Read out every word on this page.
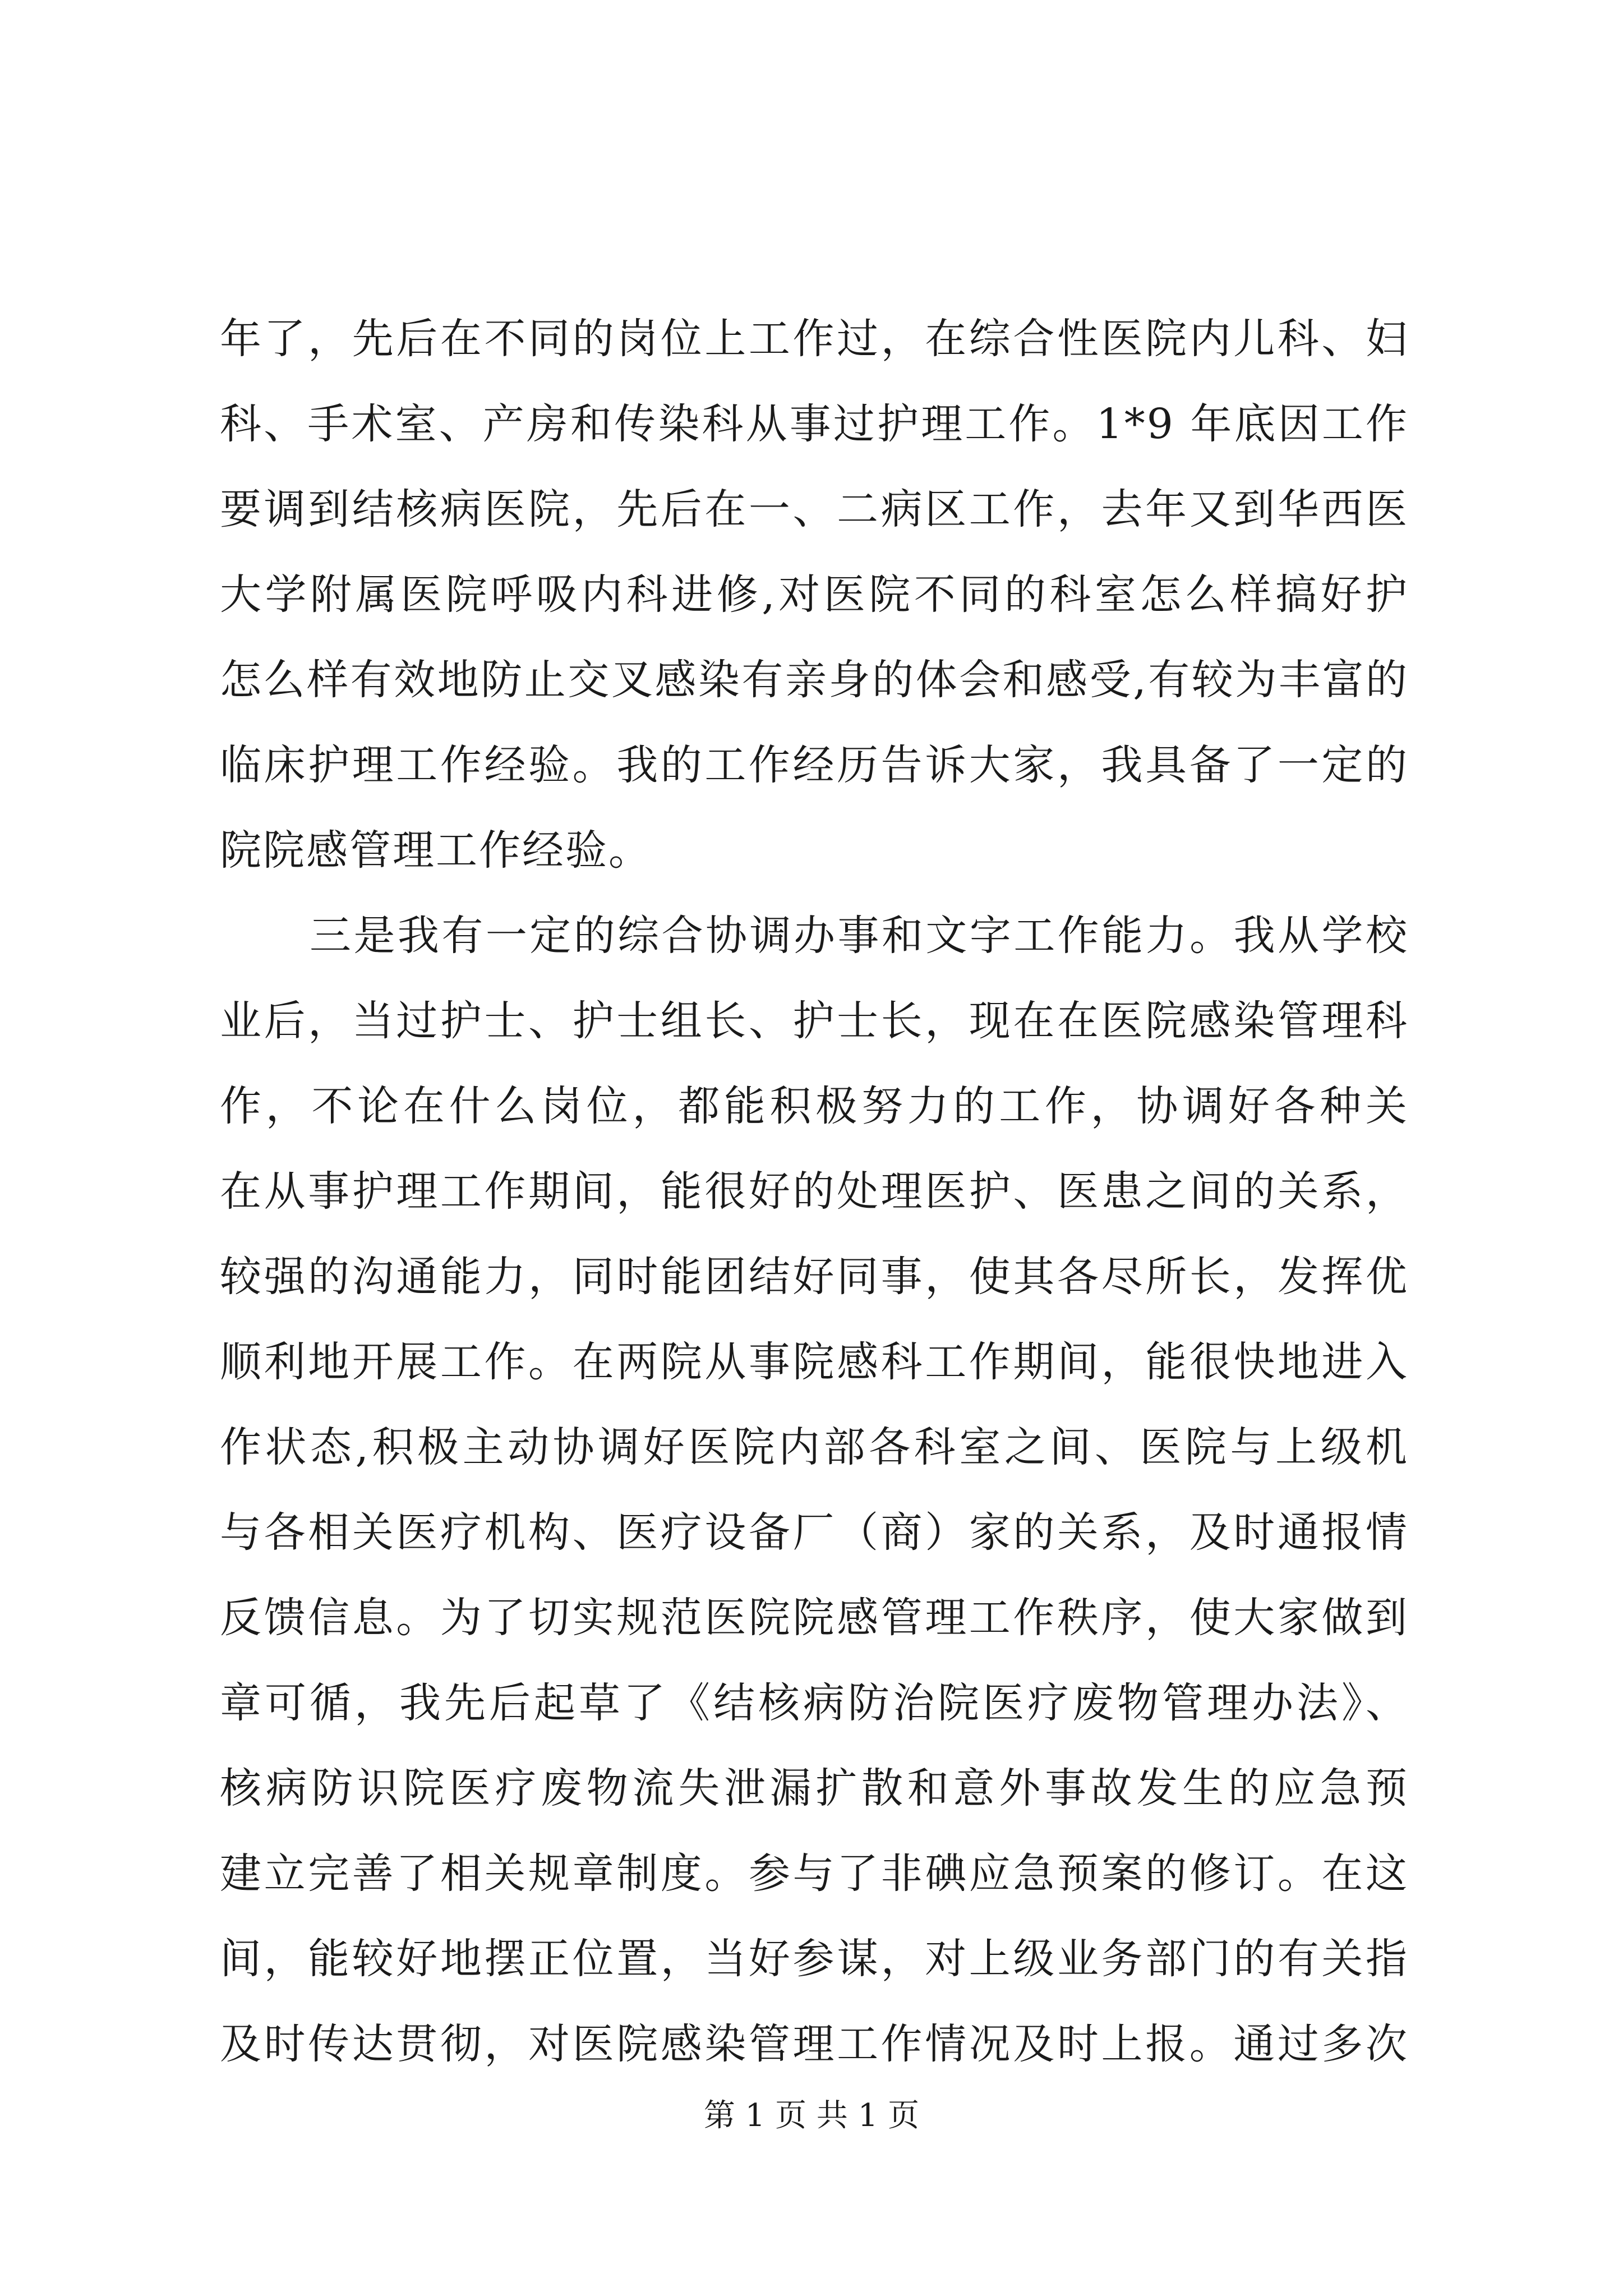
年了，先后在不同的岗位上工作过，在综合性医院内儿科、妇
科、手术室、产房和传染科从事过护理工作。1*9 年底因工作
要调到结核病医院，先后在一、二病区工作，去年又到华西医
大学附属医院呼吸内科进修,对医院不同的科室怎么样搞好护
怎么样有效地防止交叉感染有亲身的体会和感受,有较为丰富的
临床护理工作经验。我的工作经历告诉大家，我具备了一定的
院院感管理工作经验。
三是我有一定的综合协调办事和文字工作能力。我从学校
业后，当过护士、护士组长、护士长，现在在医院感染管理科
作，不论在什么岗位，都能积极努力的工作，协调好各种关
在从事护理工作期间，能很好的处理医护、医患之间的关系，
较强的沟通能力，同时能团结好同事，使其各尽所长，发挥优
顺利地开展工作。在两院从事院感科工作期间，能很快地进入
作状态,积极主动协调好医院内部各科室之间、医院与上级机
与各相关医疗机构、医疗设备厂（商）家的关系，及时通报情
反馈信息。为了切实规范医院院感管理工作秩序，使大家做到
章可循，我先后起草了《结核病防治院医疗废物管理办法》、
核病防识院医疗废物流失泄漏扩散和意外事故发生的应急预
建立完善了相关规章制度。参与了非碘应急预案的修订。在这
间，能较好地摆正位置，当好参谋，对上级业务部门的有关指
及时传达贯彻，对医院感染管理工作情况及时上报。通过多次
第 1 页 共 1 页
